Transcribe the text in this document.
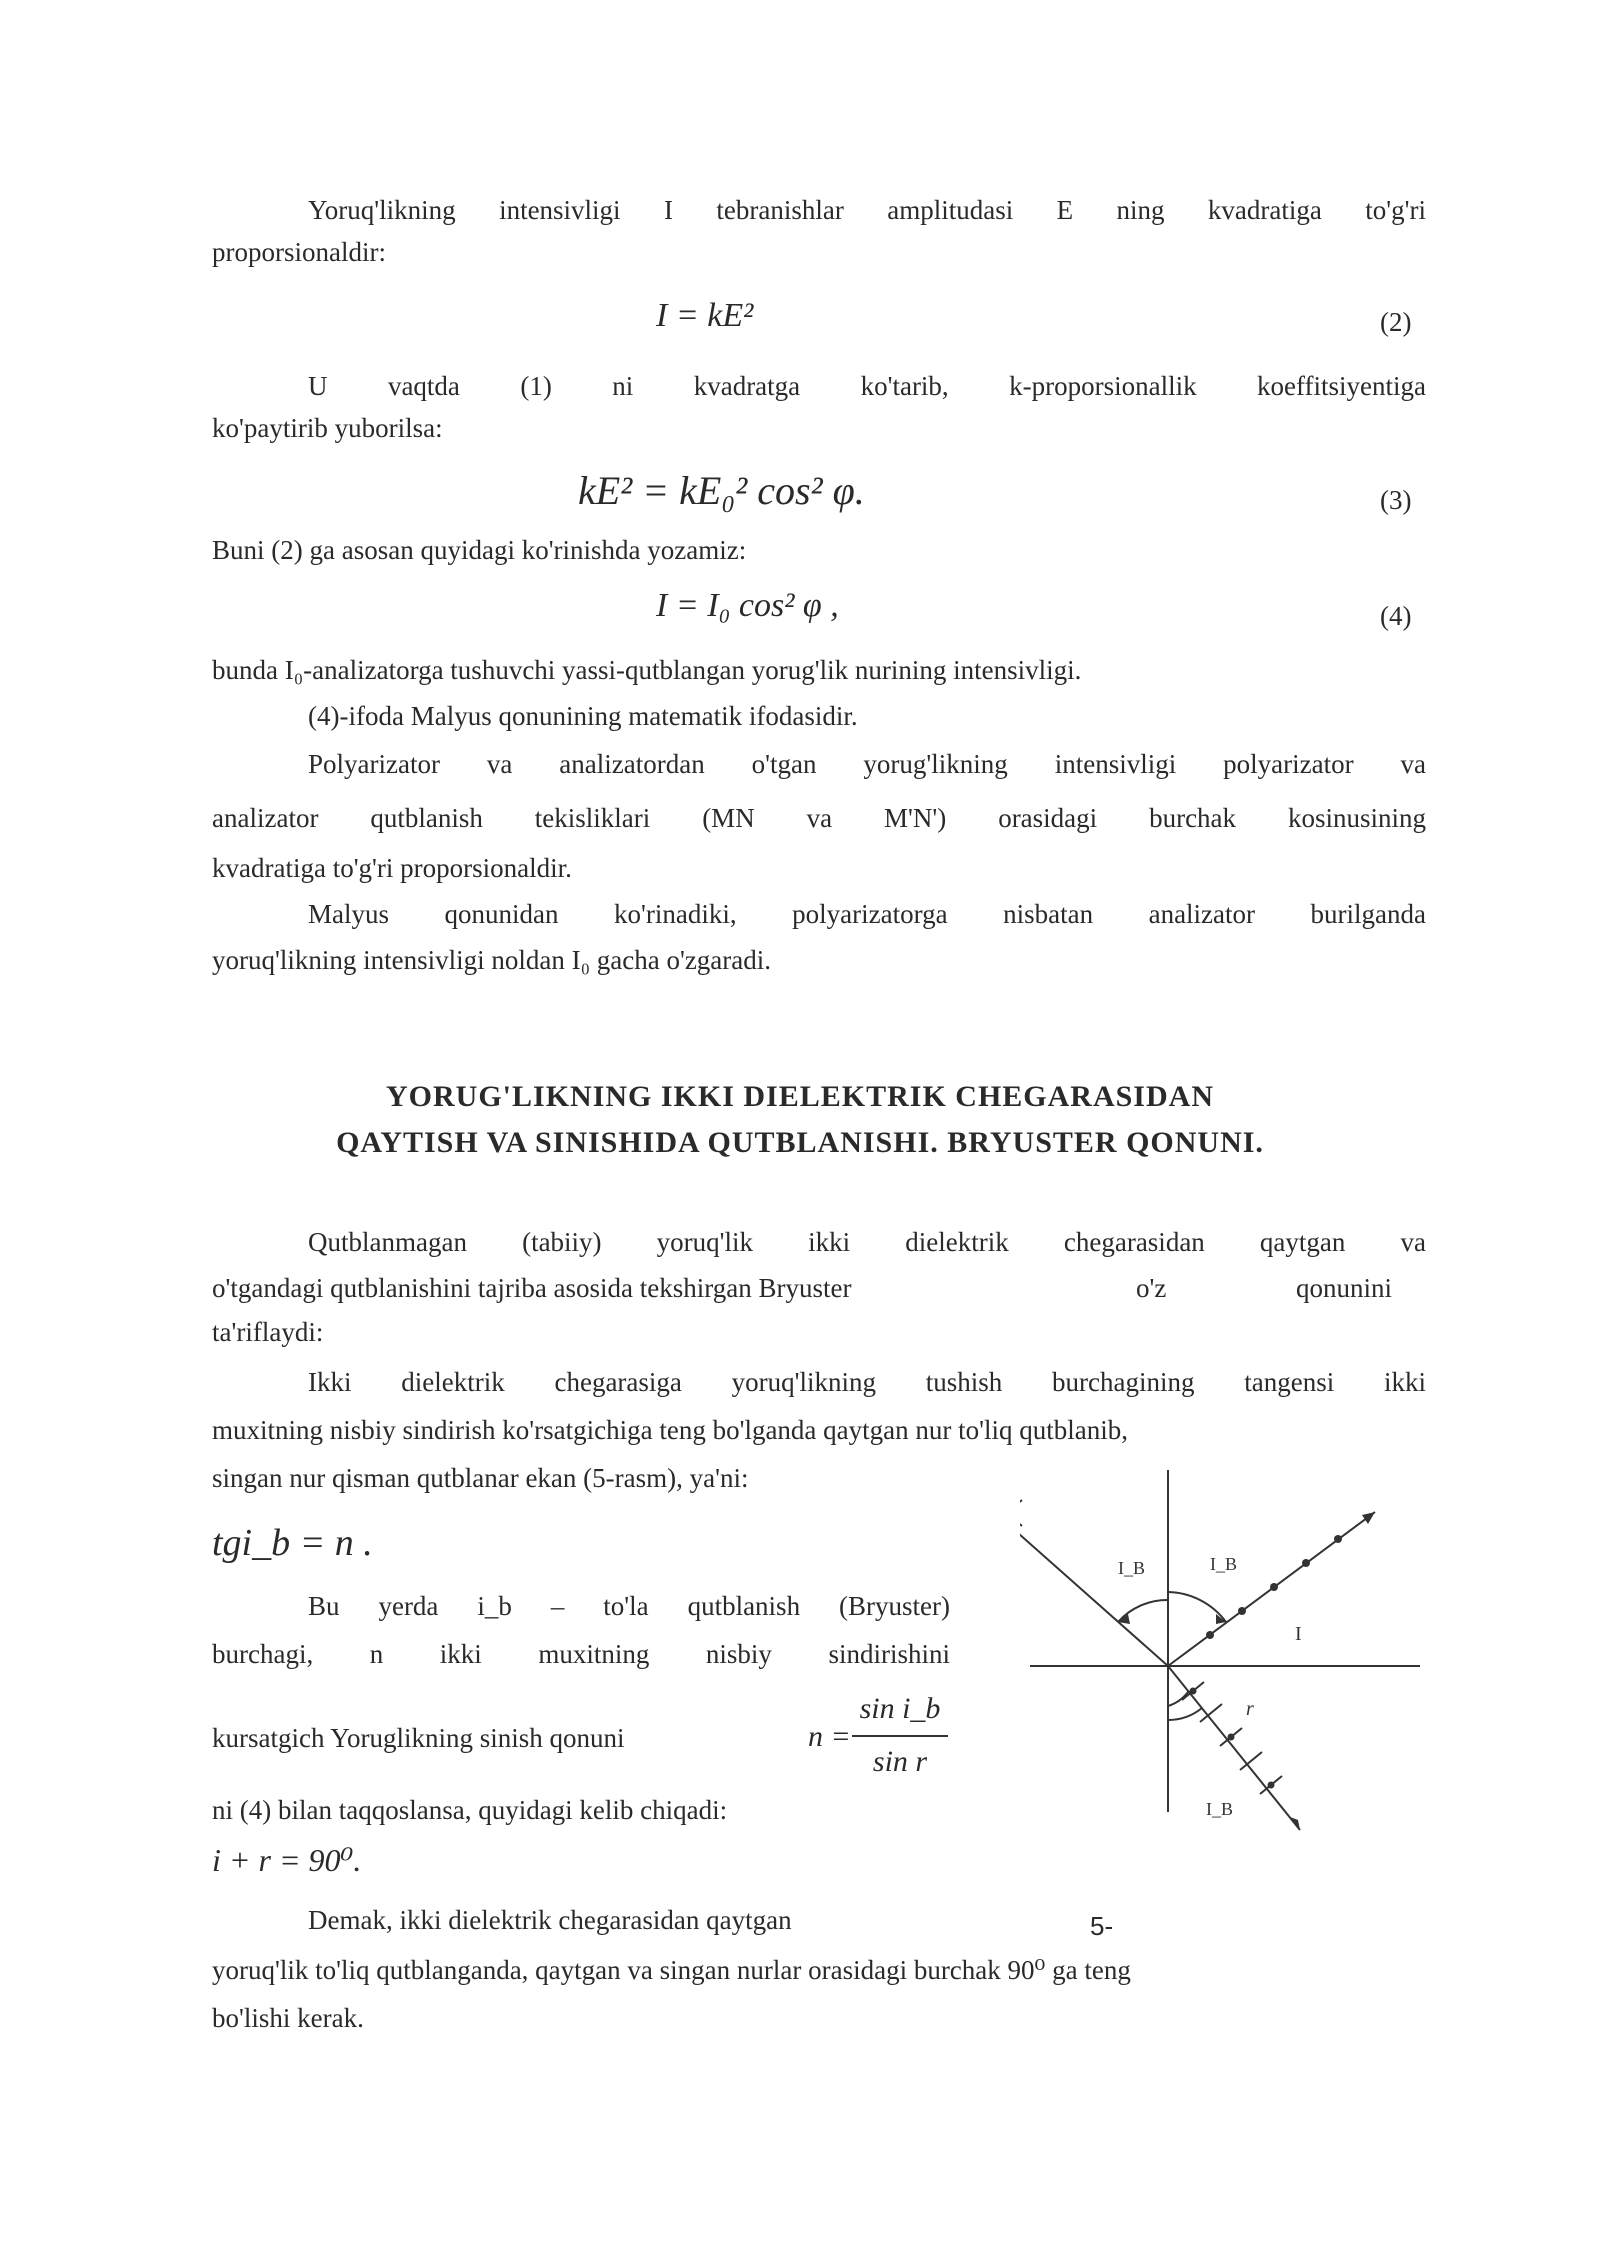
Yoruq'likning intensivligi I tebranishlar amplitudasi E ning kvadratiga to'g'ri

proporsionaldir:

I = kE²	(2)

U vaqtda (1) ni kvadratga ko'tarib, k-proporsionallik koeffitsiyentiga

ko'paytirib yuborilsa:

kE² = kE₀² cos² φ.	(3)

Buni (2) ga asosan quyidagi ko'rinishda yozamiz:

I = I₀ cos² φ ,	(4)

bunda I₀-analizatorga tushuvchi yassi-qutblangan yorug'lik nurining intensivligi.

(4)-ifoda Malyus qonunining matematik ifodasidir.

Polyarizator va analizatordan o'tgan yorug'likning intensivligi polyarizator va

analizator qutblanish tekisliklari (MN va M'N') orasidagi burchak kosinusining

kvadratiga to'g'ri proporsionaldir.

Malyus qonunidan ko'rinadiki, polyarizatorga nisbatan analizator burilganda

yoruq'likning intensivligi noldan I₀ gacha o'zgaradi.

YORUG'LIKNING IKKI DIELEKTRIK CHEGARASIDAN
QAYTISH VA SINISHIDA QUTBLANISHI. BRYUSTER QONUNI.

Qutblanmagan (tabiiy) yoruq'lik ikki dielektrik chegarasidan qaytgan va

o'tgandagi qutblanishini tajriba asosida tekshirgan Bryuster	o'z	qonunini

ta'riflaydi:

Ikki dielektrik chegarasiga yoruq'likning tushish burchagining tangensi ikki

muxitning nisbiy sindirish ko'rsatgichiga teng bo'lganda qaytgan nur to'liq qutblanib,

singan nur qisman qutblanar ekan (5-rasm), ya'ni:

tgi_b = n .

Bu yerda i_b – to'la qutblanish (Bryuster)

burchagi, n ikki muxitning nisbiy sindirishini

kursatgich Yoruglikning sinish qonuni	n =
sin i_b
sin r

ni (4) bilan taqqoslansa, quyidagi kelib chiqadi:

i + r = 90⁰.

Demak, ikki dielektrik chegarasidan qaytgan

yoruq'lik to'liq qutblanganda, qaytgan va singan nurlar orasidagi burchak 90⁰ ga teng

bo'lishi kerak.

I_B	I_B
I
r
I_B
5-
